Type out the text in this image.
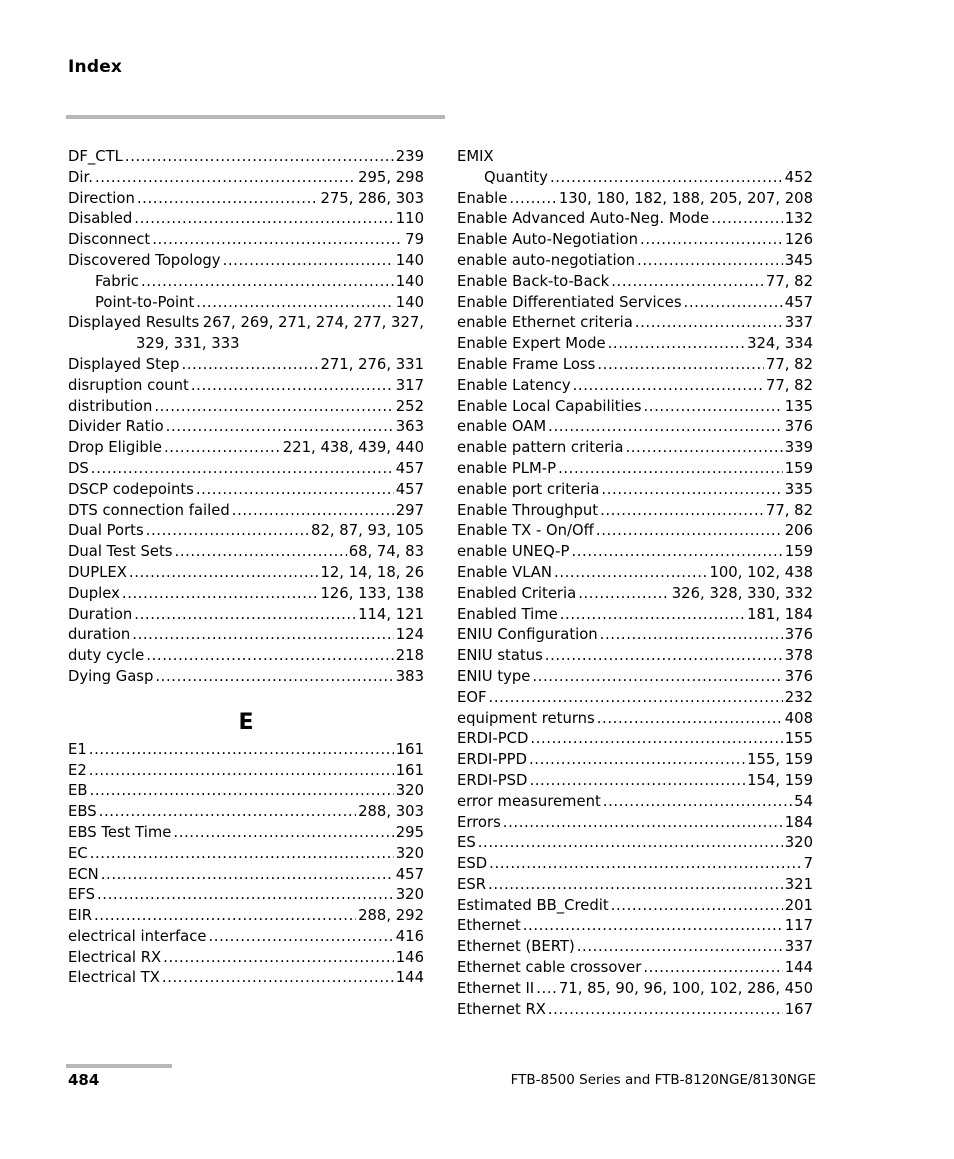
Index
DF_CTL .....	239
Dir. .....	295, 298
Direction .....	275, 286, 303
Disabled .....	110
Disconnect .....	79
Discovered Topology .....	140
Fabric .....	140
Point-to-Point .....	140
Displayed Results 267, 269, 271, 274, 277, 327,
329, 331, 333
Displayed Step .....	271, 276, 331
disruption count .....	317
distribution .....	252
Divider Ratio .....	363
Drop Eligible .....	221, 438, 439, 440
DS .....	457
DSCP codepoints .....	457
DTS connection failed .....	297
Dual Ports .....	82, 87, 93, 105
Dual Test Sets .....	68, 74, 83
DUPLEX .....	12, 14, 18, 26
Duplex .....	126, 133, 138
Duration .....	114, 121
duration .....	124
duty cycle .....	218
Dying Gasp .....	383
E
E1 .....	161
E2 .....	161
EB .....	320
EBS .....	288, 303
EBS Test Time .....	295
EC .....	320
ECN .....	457
EFS .....	320
EIR .....	288, 292
electrical interface .....	416
Electrical RX .....	146
Electrical TX .....	144
EMIX
Quantity .....	452
Enable .....	130, 180, 182, 188, 205, 207, 208
Enable Advanced Auto-Neg. Mode .....	132
Enable Auto-Negotiation .....	126
enable auto-negotiation .....	345
Enable Back-to-Back .....	77, 82
Enable Differentiated Services .....	457
enable Ethernet criteria .....	337
Enable Expert Mode .....	324, 334
Enable Frame Loss .....	77, 82
Enable Latency .....	77, 82
Enable Local Capabilities .....	135
enable OAM .....	376
enable pattern criteria .....	339
enable PLM-P .....	159
enable port criteria .....	335
Enable Throughput .....	77, 82
Enable TX - On/Off .....	206
enable UNEQ-P .....	159
Enable VLAN .....	100, 102, 438
Enabled Criteria .....	326, 328, 330, 332
Enabled Time .....	181, 184
ENIU Configuration .....	376
ENIU status .....	378
ENIU type .....	376
EOF .....	232
equipment returns .....	408
ERDI-PCD .....	155
ERDI-PPD .....	155, 159
ERDI-PSD .....	154, 159
error measurement .....	54
Errors .....	184
ES .....	320
ESD .....	7
ESR .....	321
Estimated BB_Credit .....	201
Ethernet .....	117
Ethernet (BERT) .....	337
Ethernet cable crossover .....	144
Ethernet II ..... 71, 85, 90, 96, 100, 102, 286, 450
Ethernet RX .....	167
484	FTB-8500 Series and FTB-8120NGE/8130NGE
